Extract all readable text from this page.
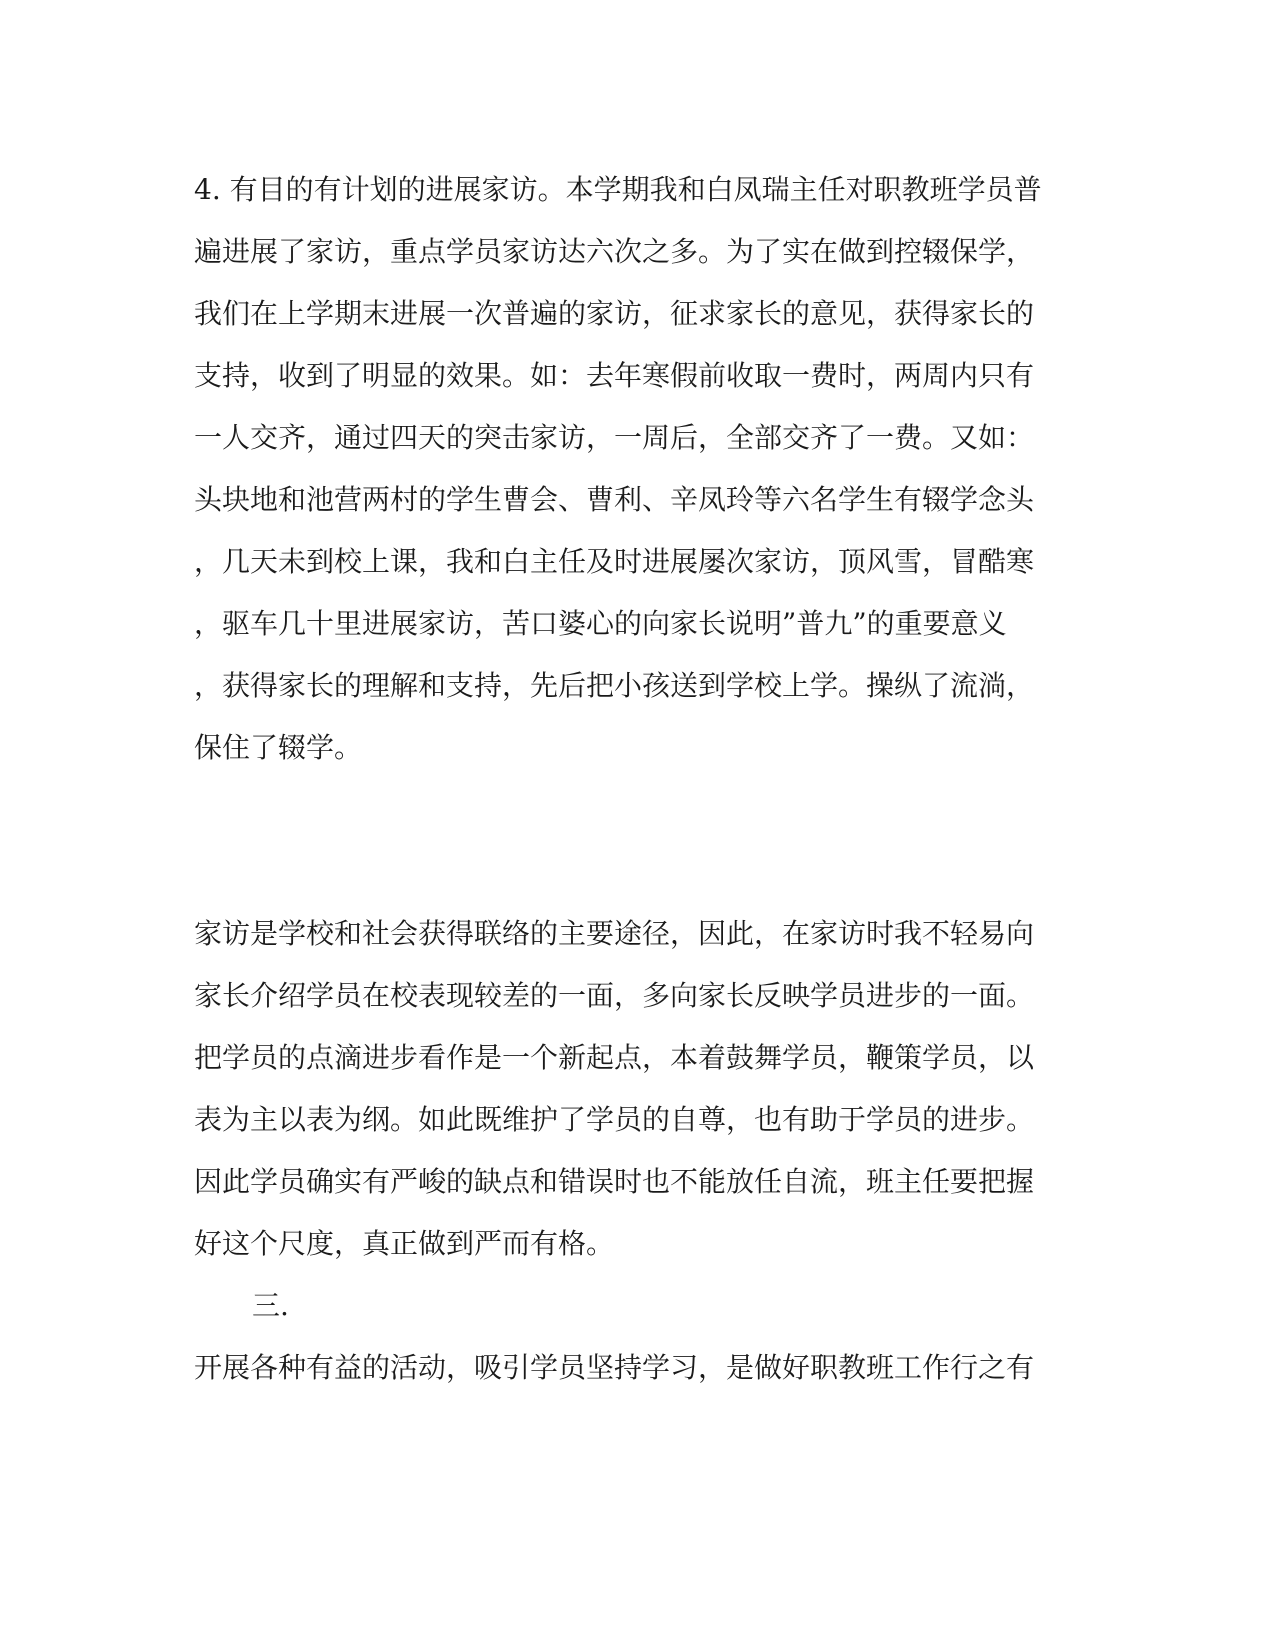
4. 有目的有计划的进展家访。本学期我和白凤瑞主任对职教班学员普
遍进展了家访，重点学员家访达六次之多。为了实在做到控辍保学，
我们在上学期末进展一次普遍的家访，征求家长的意见，获得家长的
支持，收到了明显的效果。如：去年寒假前收取一费时，两周内只有
一人交齐，通过四天的突击家访，一周后，全部交齐了一费。又如：
头块地和池营两村的学生曹会、曹利、辛凤玲等六名学生有辍学念头
，几天未到校上课，我和白主任及时进展屡次家访，顶风雪，冒酷寒
，驱车几十里进展家访，苦口婆心的向家长说明”普九”的重要意义
，获得家长的理解和支持，先后把小孩送到学校上学。操纵了流淌，
保住了辍学。
家访是学校和社会获得联络的主要途径，因此，在家访时我不轻易向
家长介绍学员在校表现较差的一面，多向家长反映学员进步的一面。
把学员的点滴进步看作是一个新起点，本着鼓舞学员，鞭策学员，以
表为主以表为纲。如此既维护了学员的自尊，也有助于学员的进步。
因此学员确实有严峻的缺点和错误时也不能放任自流，班主任要把握
好这个尺度，真正做到严而有格。
三.
开展各种有益的活动，吸引学员坚持学习，是做好职教班工作行之有
